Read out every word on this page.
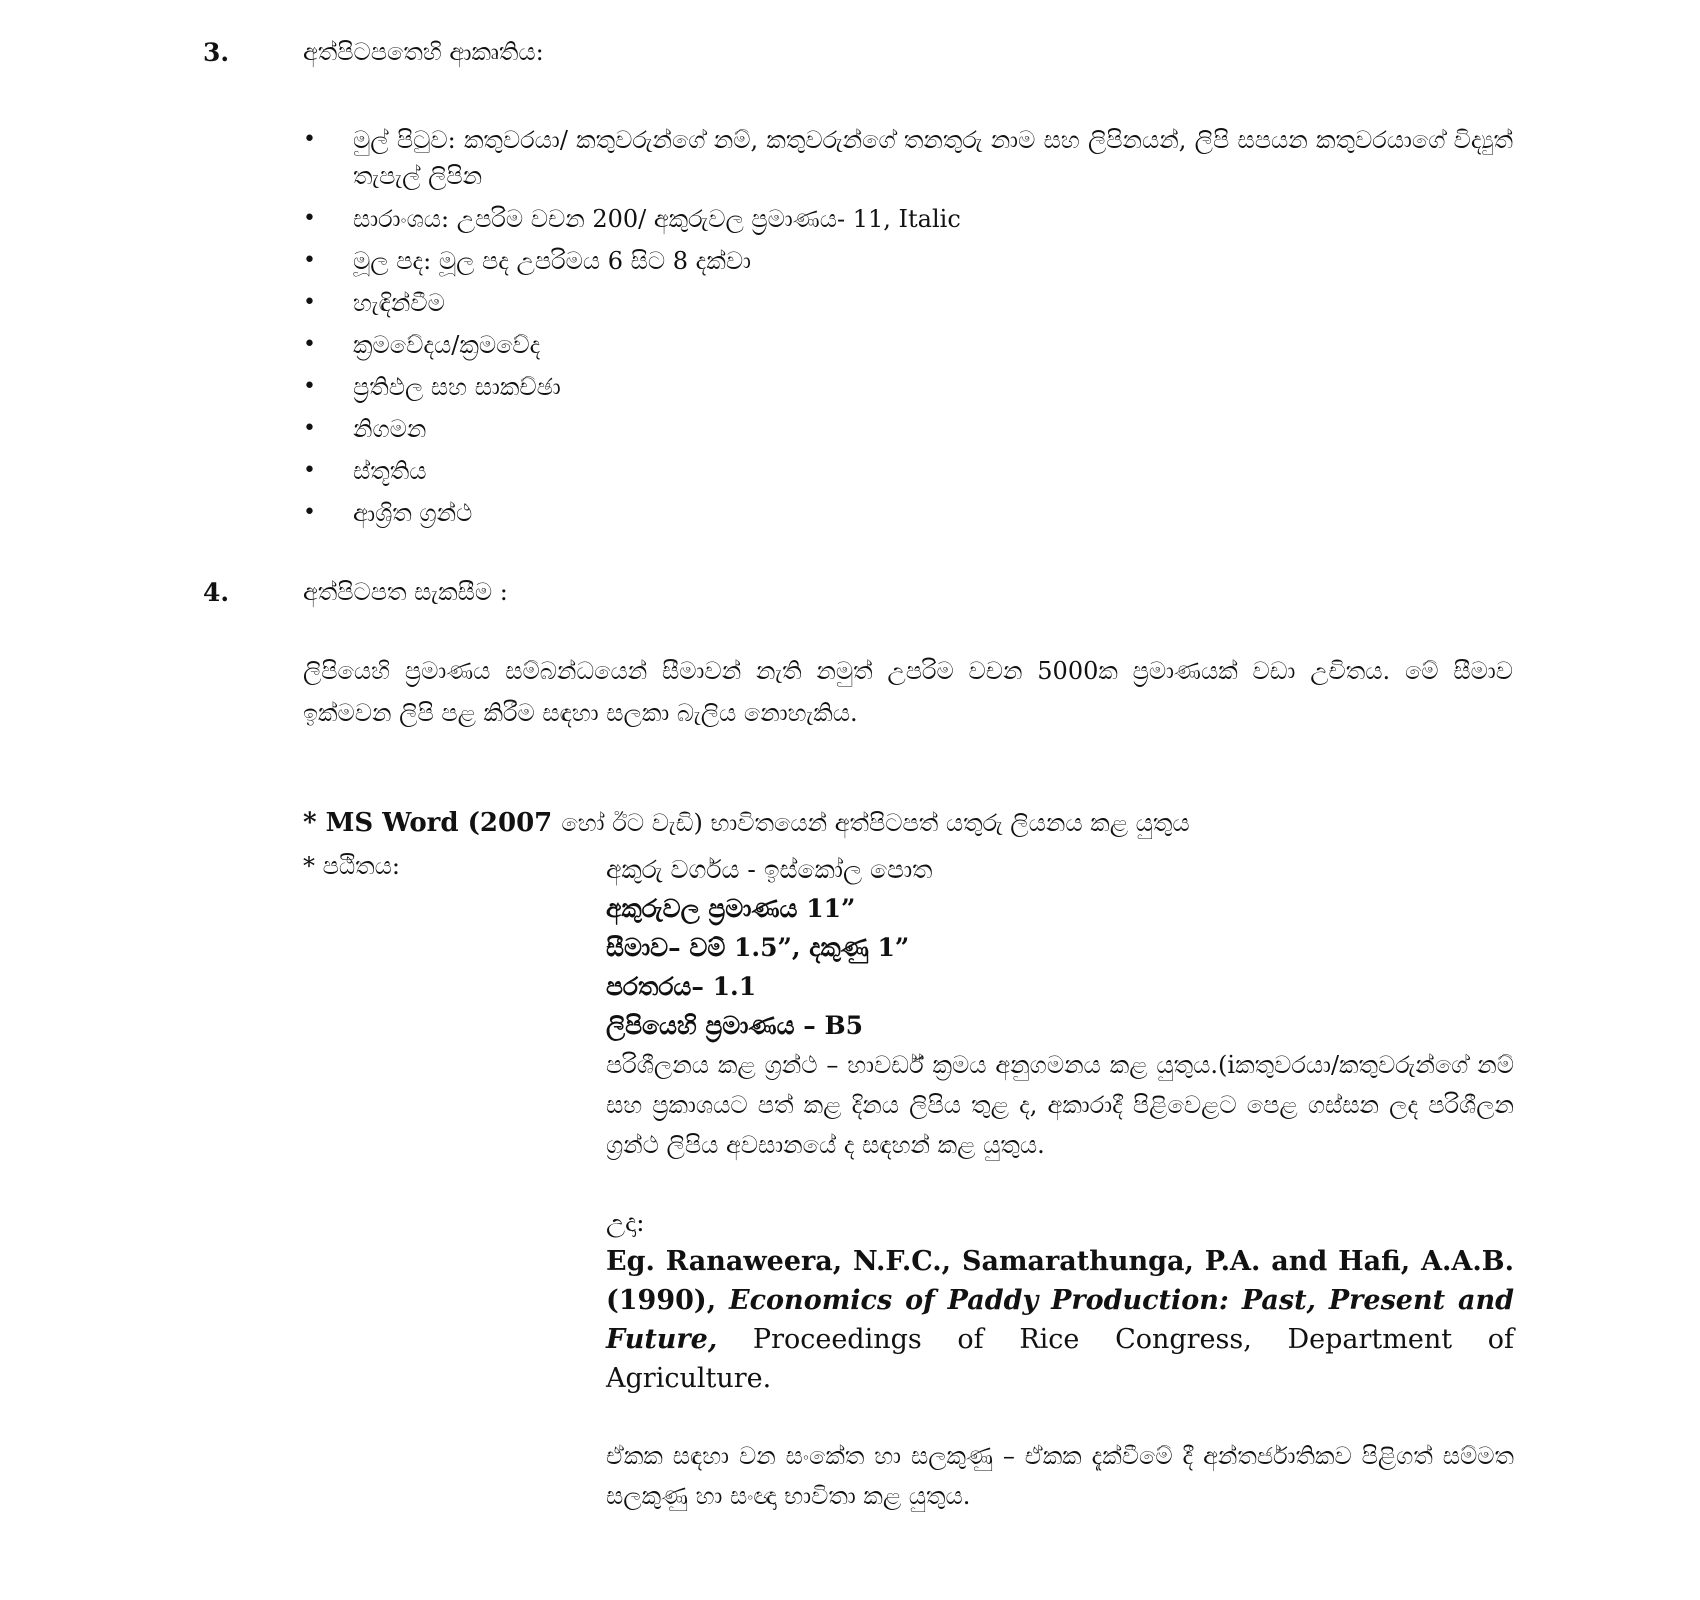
3.	අත්පිටපතෙහි ආකෘතිය:
• මුල් පිටුව: කතුවරයා/ කතුවරුන්ගේ නම්, කතුවරුන්ගේ තනතුරු නාම සහ ලිපිනයන්, ලිපි සපයන කතුවරයාගේ විද්‍යුත් තැපැල් ලිපින
• සාරාංශය: උපරිම වචන 200/ අකුරුවල ප්‍රමාණය- 11, Italic
• මූල පද: මූල පද උපරිමය 6 සිට 8 දක්වා
• හැඳින්වීම
• ක්‍රමවේදය/ක්‍රමවේද
• ප්‍රතිඵල සහ සාකච්ඡා
• නිගමන
• ස්තූතිය
• ආශ්‍රිත ග්‍රන්ථ
4.	අත්පිටපත සැකසීම :
ලිපියෙහි ප්‍රමාණය සම්බන්ධයෙන් සීමාවන් නැති නමුත් උපරිම වචන 5000ක ප්‍රමාණයක් වඩා උචිතය. මේ සීමාව ඉක්මවන ලිපි පළ කිරීම සඳහා සලකා බැලිය නොහැකිය.
* MS Word (2007 හෝ ඊට වැඩි) භාවිතයෙන් අත්පිටපත් යතුරු ලියනය කළ යුතුය
* පඨිතය:	අකුරු වර්ගය - ඉස්කෝල පොත
අකුරුවල ප්‍රමාණය 11”
සීමාව– වම් 1.5”, දකුණු 1”
පරතරය– 1.1
ලිපියෙහි ප්‍රමාණය – B5
පරිශීලනය කළ ග්‍රන්ථ – හාවර්ඩ් ක්‍රමය අනුගමනය කළ යුතුය.(iකතුවරයා/කතුවරුන්ගේ නම් සහ ප්‍රකාශයට පත් කළ දිනය ලිපිය තුළ ද, අකාරාදී පිළිවෙළට පෙළ ගස්සන ලද පරිශීලන ග්‍රන්ථ ලිපිය අවසානයේ ද සඳහන් කළ යුතුය.
උදා:
Eg. Ranaweera, N.F.C., Samarathunga, P.A. and Hafi, A.A.B. (1990), Economics of Paddy Production: Past, Present and Future, Proceedings of Rice Congress, Department of Agriculture.
ඒකක සඳහා වන සංකේත හා සලකුණු – ඒකක දැක්වීමේ දී අන්තර්ජාතිකව පිළිගත් සම්මත සලකුණු හා සංඥා භාවිතා කළ යුතුය.
